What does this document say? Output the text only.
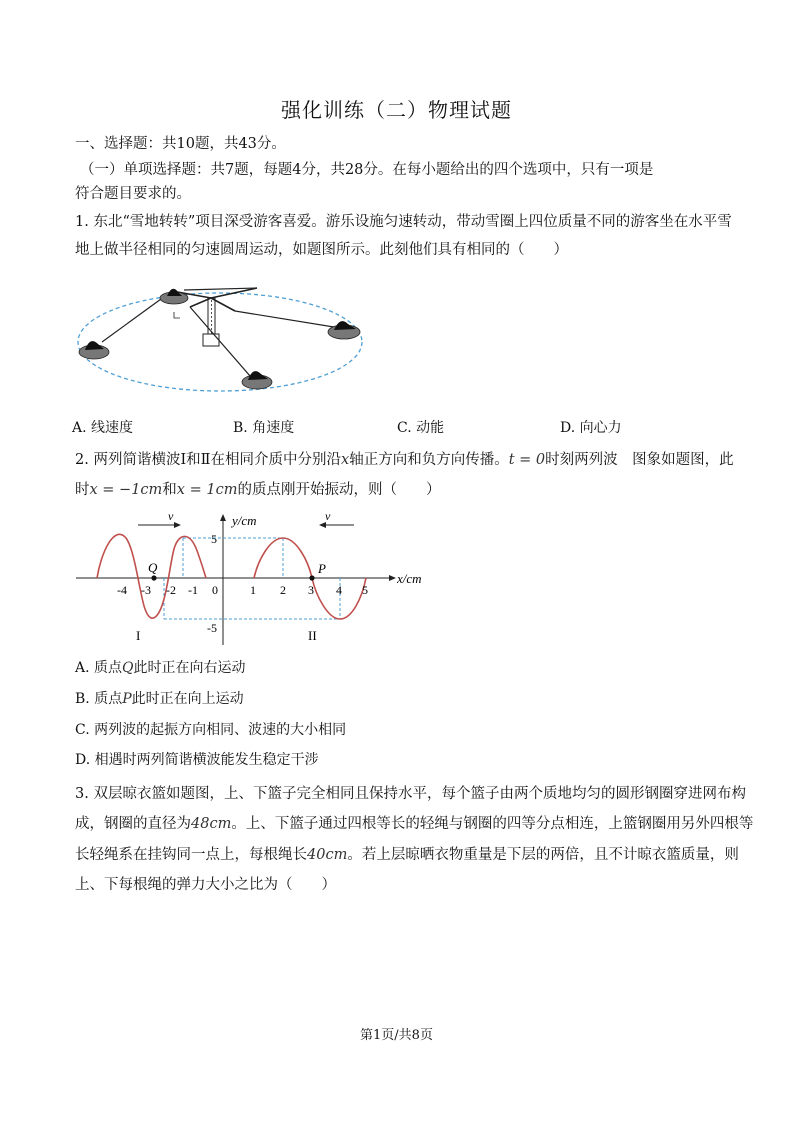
强化训练（二）物理试题
一、选择题：共10题，共43分。
（一）单项选择题：共7题，每题4分，共28分。在每小题给出的四个选项中，只有一项是
符合题目要求的。
1. 东北“雪地转转”项目深受游客喜爱。游乐设施匀速转动，带动雪圈上四位质量不同的游客坐在水平雪
地上做半径相同的匀速圆周运动，如题图所示。此刻他们具有相同的（　　）
A. 线速度	B. 角速度	C. 动能	D. 向心力
2. 两列简谐横波Ⅰ和Ⅱ在相同介质中分别沿x轴正方向和负方向传播。t = 0时刻两列波　图象如题图，此
时x = −1cm和x = 1cm的质点刚开始振动，则（　　）
y/cm
x/cm
Q	P
-4 -3 -2 -1 0	1 2 3 4 5
5
-5
v	v
I	II
A. 质点Q此时正在向右运动
B. 质点P此时正在向上运动
C. 两列波的起振方向相同、波速的大小相同
D. 相遇时两列简谐横波能发生稳定干涉
3. 双层晾衣篮如题图，上、下篮子完全相同且保持水平，每个篮子由两个质地均匀的圆形钢圈穿进网布构
成，钢圈的直径为48cm。上、下篮子通过四根等长的轻绳与钢圈的四等分点相连，上篮钢圈用另外四根等
长轻绳系在挂钩同一点上，每根绳长40cm。若上层晾晒衣物重量是下层的两倍，且不计晾衣篮质量，则
上、下每根绳的弹力大小之比为（　　）
第1页/共8页
